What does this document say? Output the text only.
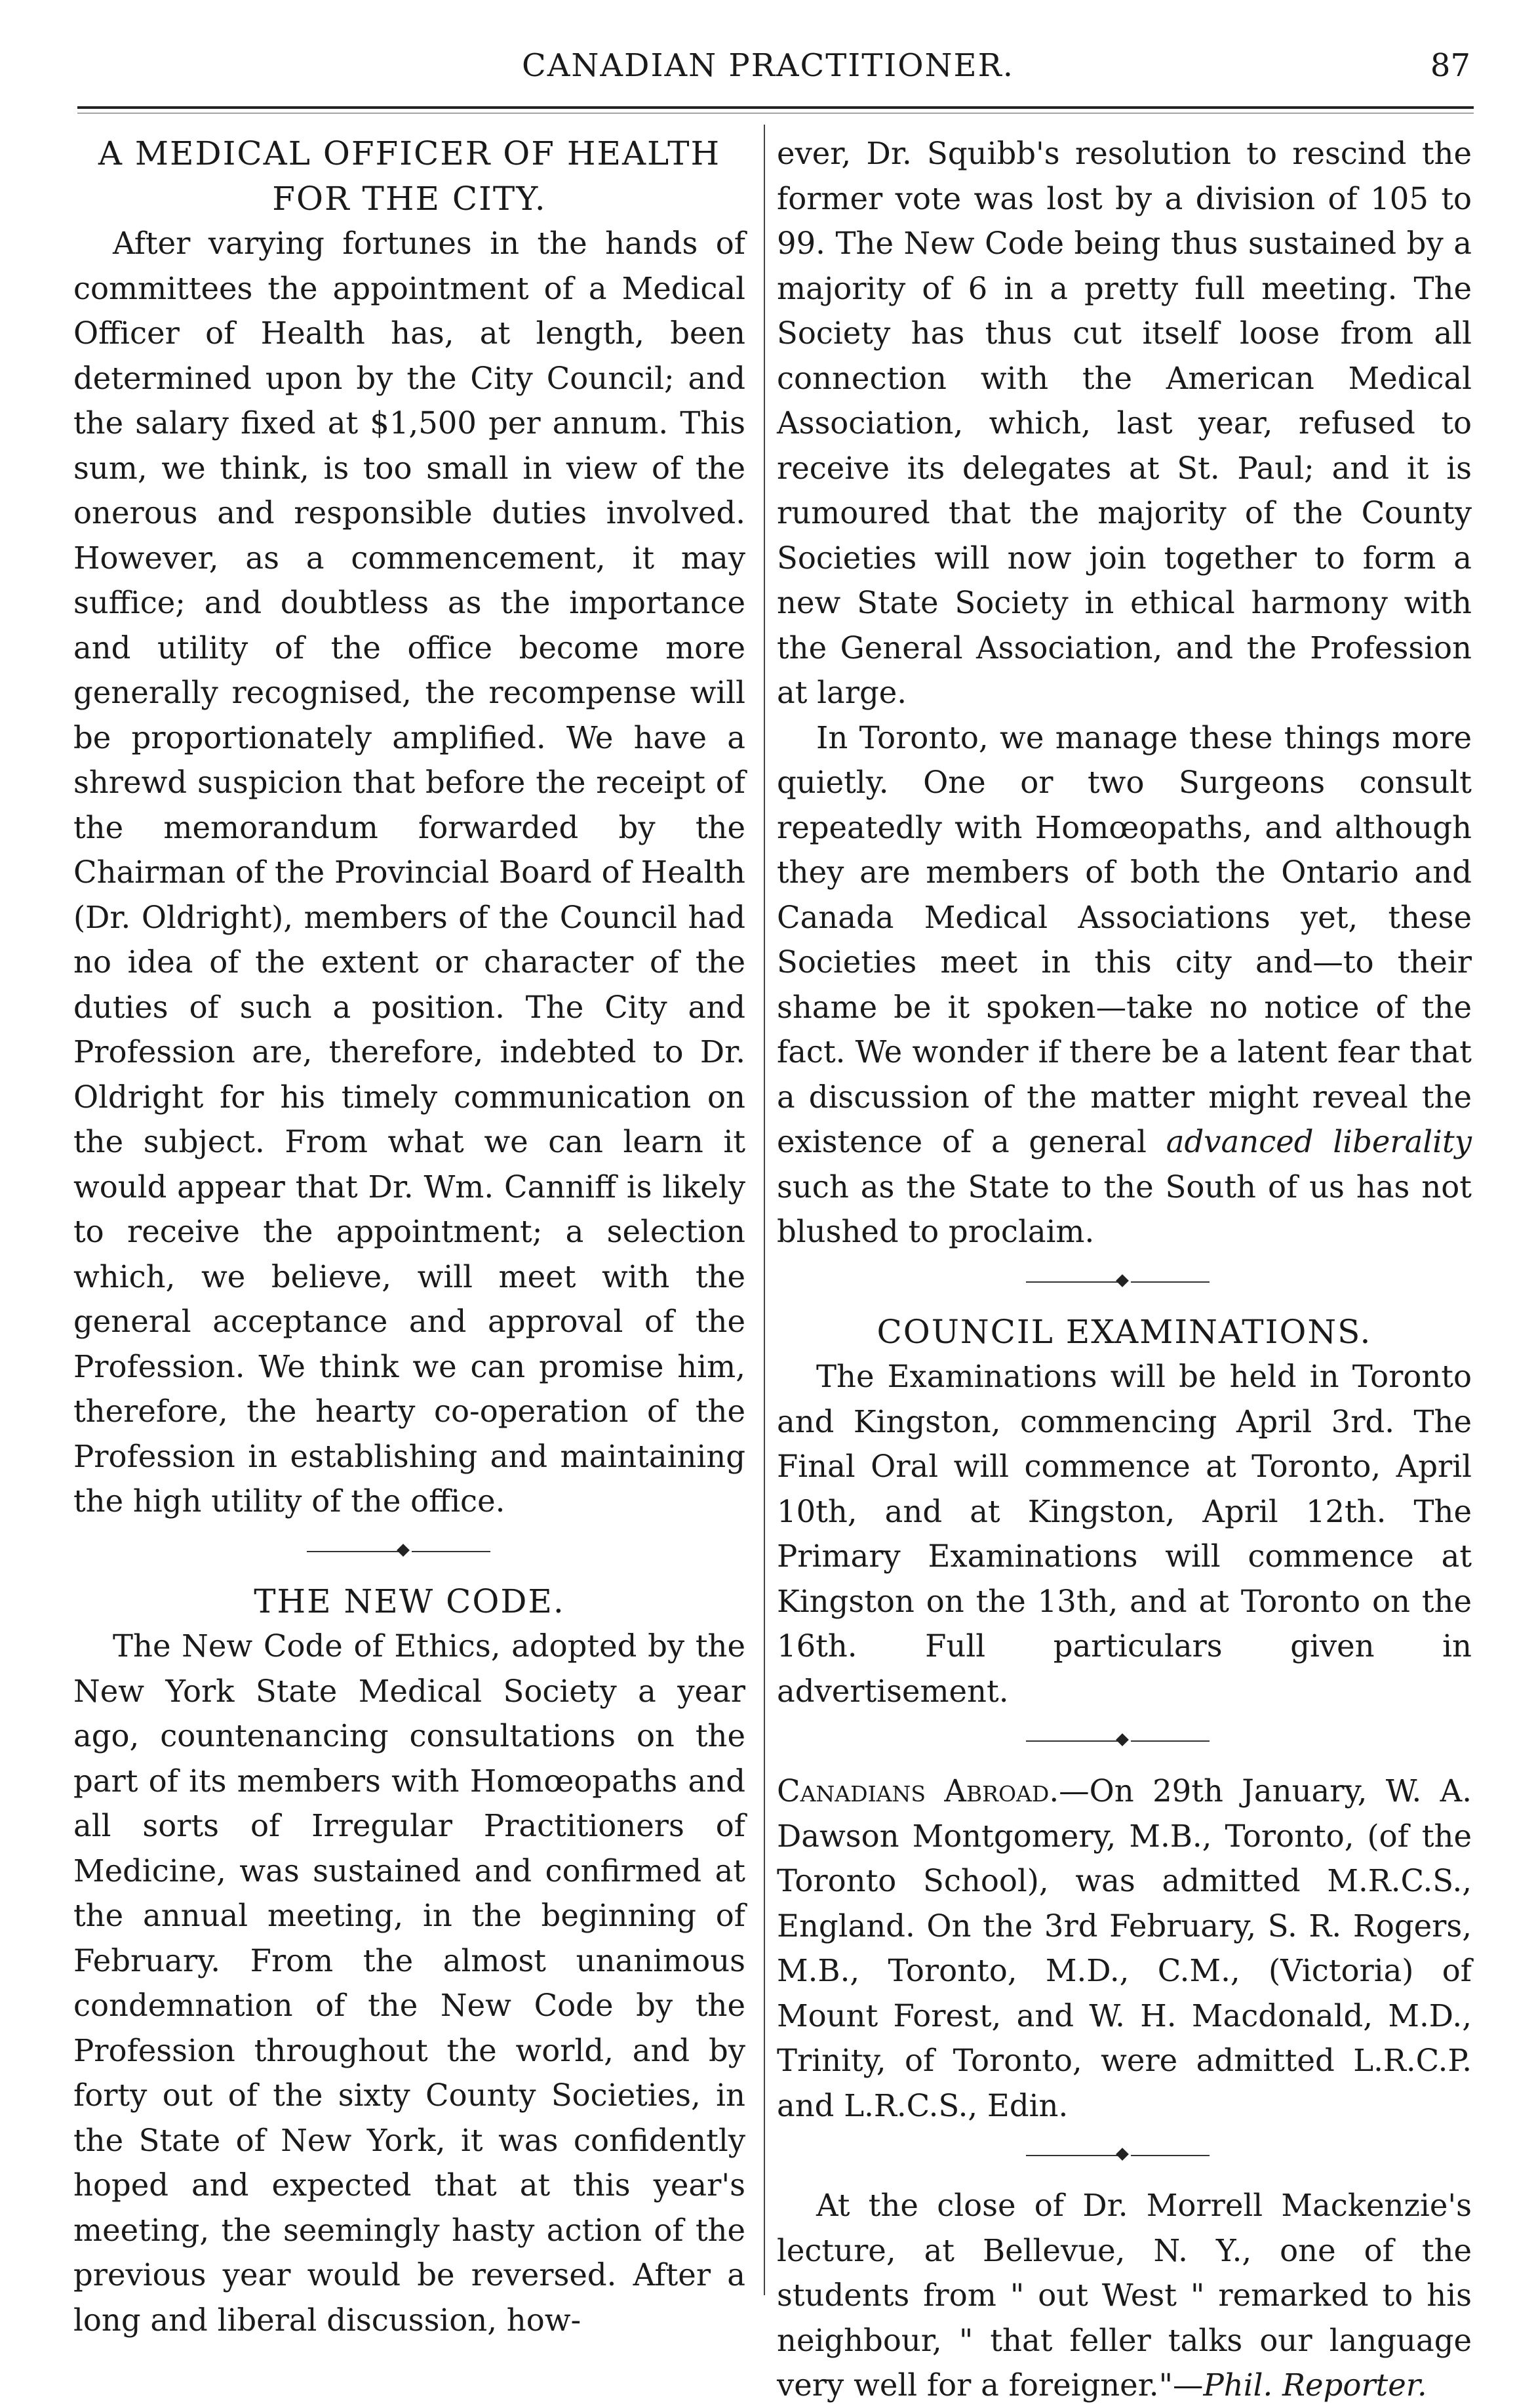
CANADIAN PRACTITIONER.	87
A MEDICAL OFFICER OF HEALTH
FOR THE CITY.

After varying fortunes in the hands of committees the appointment of a Medical Officer of Health has, at length, been determined upon by the City Council; and the salary fixed at $1,500 per annum. This sum, we think, is too small in view of the onerous and responsible duties involved. However, as a commencement, it may suffice; and doubtless as the importance and utility of the office become more generally recognised, the recompense will be proportionately amplified. We have a shrewd suspicion that before the receipt of the memorandum forwarded by the Chairman of the Provincial Board of Health (Dr. Oldright), members of the Council had no idea of the extent or character of the duties of such a position. The City and Profession are, therefore, indebted to Dr. Oldright for his timely communication on the subject. From what we can learn it would appear that Dr. Wm. Canniff is likely to receive the appointment; a selection which, we believe, will meet with the general acceptance and approval of the Profession. We think we can promise him, therefore, the hearty co-operation of the Profession in establishing and maintaining the high utility of the office.

THE NEW CODE.

The New Code of Ethics, adopted by the New York State Medical Society a year ago, countenancing consultations on the part of its members with Homœopaths and all sorts of Irregular Practitioners of Medicine, was sustained and confirmed at the annual meeting, in the beginning of February. From the almost unanimous condemnation of the New Code by the Profession throughout the world, and by forty out of the sixty County Societies, in the State of New York, it was confidently hoped and expected that at this year's meeting, the seemingly hasty action of the previous year would be reversed. After a long and liberal discussion, how-

ever, Dr. Squibb's resolution to rescind the former vote was lost by a division of 105 to 99. The New Code being thus sustained by a majority of 6 in a pretty full meeting. The Society has thus cut itself loose from all connection with the American Medical Association, which, last year, refused to receive its delegates at St. Paul; and it is rumoured that the majority of the County Societies will now join together to form a new State Society in ethical harmony with the General Association, and the Profession at large.

In Toronto, we manage these things more quietly. One or two Surgeons consult repeatedly with Homœopaths, and although they are members of both the Ontario and Canada Medical Associations yet, these Societies meet in this city and—to their shame be it spoken—take no notice of the fact. We wonder if there be a latent fear that a discussion of the matter might reveal the existence of a general advanced liberality such as the State to the South of us has not blushed to proclaim.

COUNCIL EXAMINATIONS.

The Examinations will be held in Toronto and Kingston, commencing April 3rd. The Final Oral will commence at Toronto, April 10th, and at Kingston, April 12th. The Primary Examinations will commence at Kingston on the 13th, and at Toronto on the 16th. Full particulars given in advertisement.

Canadians Abroad.—On 29th January, W. A. Dawson Montgomery, M.B., Toronto, (of the Toronto School), was admitted M.R.C.S., England. On the 3rd February, S. R. Rogers, M.B., Toronto, M.D., C.M., (Victoria) of Mount Forest, and W. H. Macdonald, M.D., Trinity, of Toronto, were admitted L.R.C.P. and L.R.C.S., Edin.

At the close of Dr. Morrell Mackenzie's lecture, at Bellevue, N. Y., one of the students from " out West " remarked to his neighbour, " that feller talks our language very well for a foreigner."—Phil. Reporter.
